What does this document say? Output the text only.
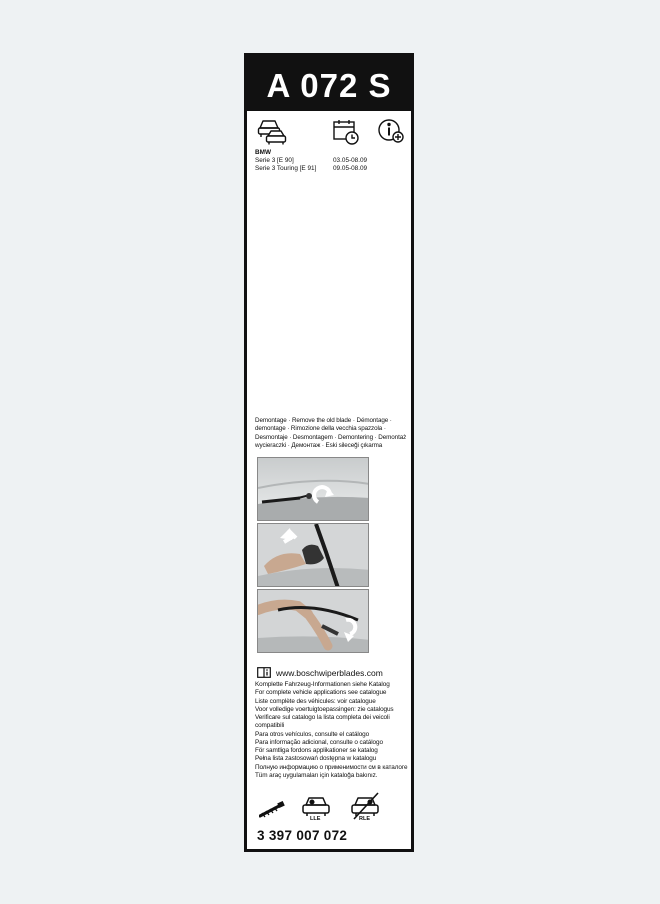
A 072 S
BMW
Serie 3 [E 90]	03.05-08.09
Serie 3 Touring [E 91]	09.05-08.09
Demontage · Remove the old blade · Démontage ·
demontage · Rimozione della vecchia spazzola ·
Desmontaje · Desmontagem · Demontering · Demontaż
wycieraczki · Демонтаж · Eski sileceği çıkarma
www.boschwiperblades.com
Komplette Fahrzeug-Informationen siehe Katalog
For complete vehicle applications see catalogue
Liste complète des véhicules: voir catalogue
Voor volledige voertuigtoepassingen: zie catalogus
Verificare sul catalogo la lista completa dei veicoli
compatibili
Para otros vehículos, consulte el catálogo
Para informação adicional, consulte o catálogo
För samtliga fordons applikationer se katalog
Pełna lista zastosowań dostępna w katalogu
Полную информацию о применимости см в каталоге
Tüm araç uygulamaları için kataloğa bakınız.
LLE	RLE
3 397 007 072
